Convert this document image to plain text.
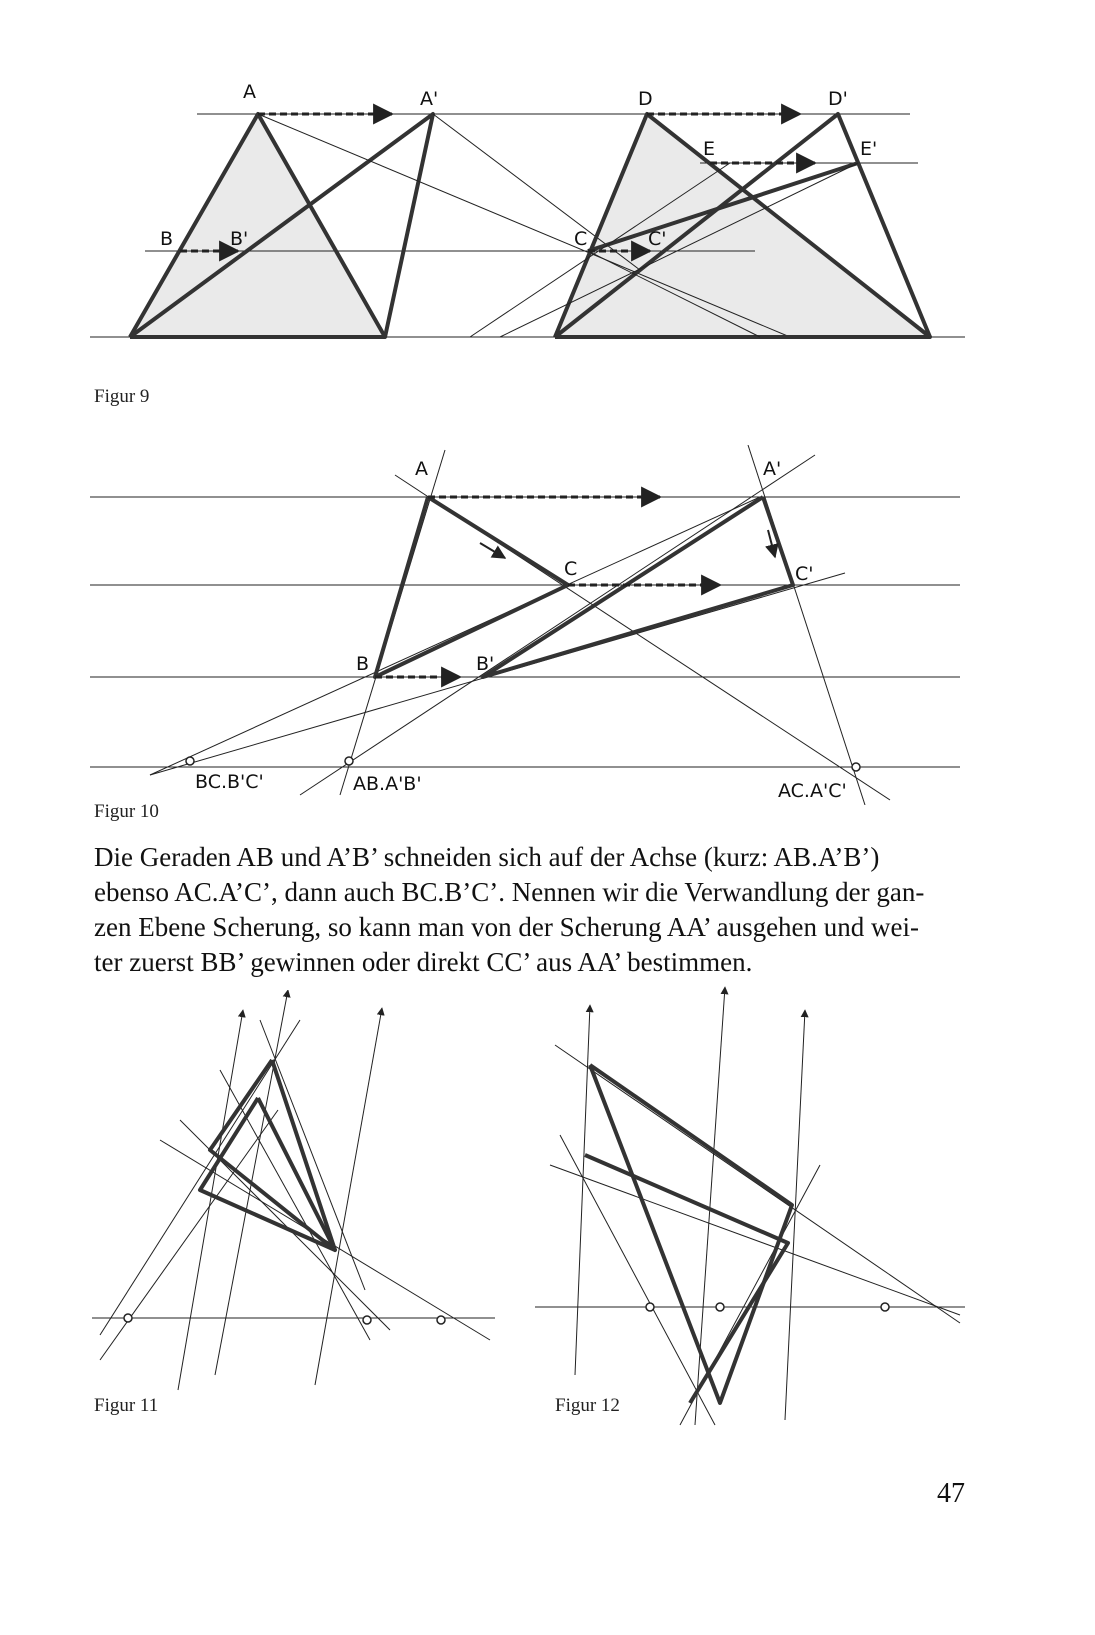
A	A'
B	B'	C	C'
D	D'
E	E'
Figur 9
A	A'
B	B'
C	C'
BC.B'C'	AB.A'B'	AC.A'C'
Figur 10

Die Geraden AB und A’B’ schneiden sich auf der Achse (kurz: AB.A’B’)

ebenso AC.A’C’, dann auch BC.B’C’. Nennen wir die Verwandlung der gan-

zen Ebene Scherung, so kann man von der Scherung AA’ ausgehen und wei-

ter zuerst BB’ gewinnen oder direkt CC’ aus AA’ bestimmen.

Figur 11	Figur 12
47
